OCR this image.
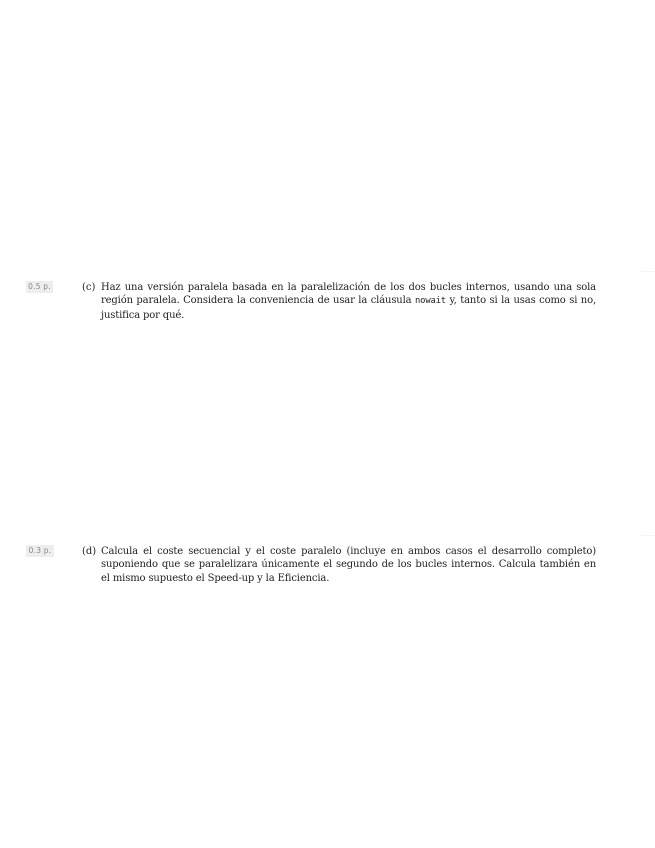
0.5 p.	(c) Haz una versión paralela basada en la paralelización de los dos bucles internos, usando una sola región paralela. Considera la conveniencia de usar la cláusula nowait y, tanto si la usas como si no, justifica por qué.
0.3 p.	(d) Calcula el coste secuencial y el coste paralelo (incluye en ambos casos el desarrollo completo) suponiendo que se paralelizara únicamente el segundo de los bucles internos. Calcula también en el mismo supuesto el Speed-up y la Eficiencia.
